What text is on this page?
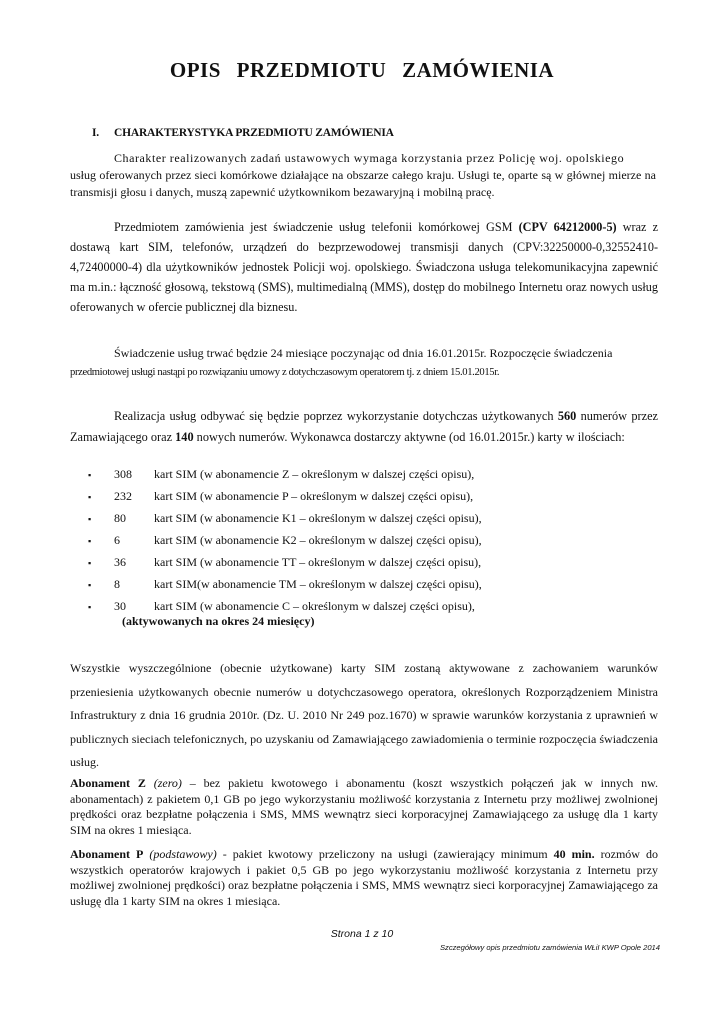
OPIS PRZEDMIOTU ZAMÓWIENIA
I. CHARAKTERYSTYKA PRZEDMIOTU ZAMÓWIENIA
Charakter realizowanych zadań ustawowych wymaga korzystania przez Policję woj. opolskiego
usług oferowanych przez sieci komórkowe działające na obszarze całego kraju. Usługi te, oparte są w głównej mierze na transmisji głosu i danych, muszą zapewnić użytkownikom bezawaryjną i mobilną pracę.
Przedmiotem zamówienia jest świadczenie usług telefonii komórkowej GSM (CPV 64212000-5) wraz z dostawą kart SIM, telefonów, urządzeń do bezprzewodowej transmisji danych (CPV:32250000-0,32552410-4,72400000-4) dla użytkowników jednostek Policji woj. opolskiego. Świadczona usługa telekomunikacyjna zapewnić ma m.in.: łączność głosową, tekstową (SMS), multimedialną (MMS), dostęp do mobilnego Internetu oraz nowych usług oferowanych w ofercie publicznej dla biznesu.
Świadczenie usług trwać będzie 24 miesiące poczynając od dnia 16.01.2015r. Rozpoczęcie świadczenia
przedmiotowej usługi nastąpi po rozwiązaniu umowy z dotychczasowym operatorem tj. z dniem 15.01.2015r.
Realizacja usług odbywać się będzie poprzez wykorzystanie dotychczas użytkowanych 560 numerów przez Zamawiającego oraz 140 nowych numerów. Wykonawca dostarczy aktywne (od 16.01.2015r.) karty w ilościach:
▪ 308 kart SIM (w abonamencie Z – określonym w dalszej części opisu),
▪ 232 kart SIM (w abonamencie P – określonym w dalszej części opisu),
▪ 80 kart SIM (w abonamencie K1 – określonym w dalszej części opisu),
▪ 6	kart SIM (w abonamencie K2 – określonym w dalszej części opisu),
▪ 36 kart SIM (w abonamencie TT – określonym w dalszej części opisu),
▪ 8	kart SIM(w abonamencie TM – określonym w dalszej części opisu),
▪ 30 kart SIM (w abonamencie C – określonym w dalszej części opisu),
(aktywowanych na okres 24 miesięcy)
Wszystkie wyszczególnione (obecnie użytkowane) karty SIM zostaną aktywowane z zachowaniem warunków przeniesienia użytkowanych obecnie numerów u dotychczasowego operatora, określonych Rozporządzeniem Ministra Infrastruktury z dnia 16 grudnia 2010r. (Dz. U. 2010 Nr 249 poz.1670) w sprawie warunków korzystania z uprawnień w publicznych sieciach telefonicznych, po uzyskaniu od Zamawiającego zawiadomienia o terminie rozpoczęcia świadczenia usług.
Abonament Z (zero) – bez pakietu kwotowego i abonamentu (koszt wszystkich połączeń jak w innych nw. abonamentach) z pakietem 0,1 GB po jego wykorzystaniu możliwość korzystania z Internetu przy możliwej zwolnionej prędkości oraz bezpłatne połączenia i SMS, MMS wewnątrz sieci korporacyjnej Zamawiającego za usługę dla 1 karty SIM na okres 1 miesiąca.
Abonament P (podstawowy) - pakiet kwotowy przeliczony na usługi (zawierający minimum 40 min. rozmów do wszystkich operatorów krajowych i pakiet 0,5 GB po jego wykorzystaniu możliwość korzystania z Internetu przy możliwej zwolnionej prędkości) oraz bezpłatne połączenia i SMS, MMS wewnątrz sieci korporacyjnej Zamawiającego za usługę dla 1 karty SIM na okres 1 miesiąca.
Strona 1 z 10
Szczegółowy opis przedmiotu zamówienia WŁiI KWP Opole 2014
